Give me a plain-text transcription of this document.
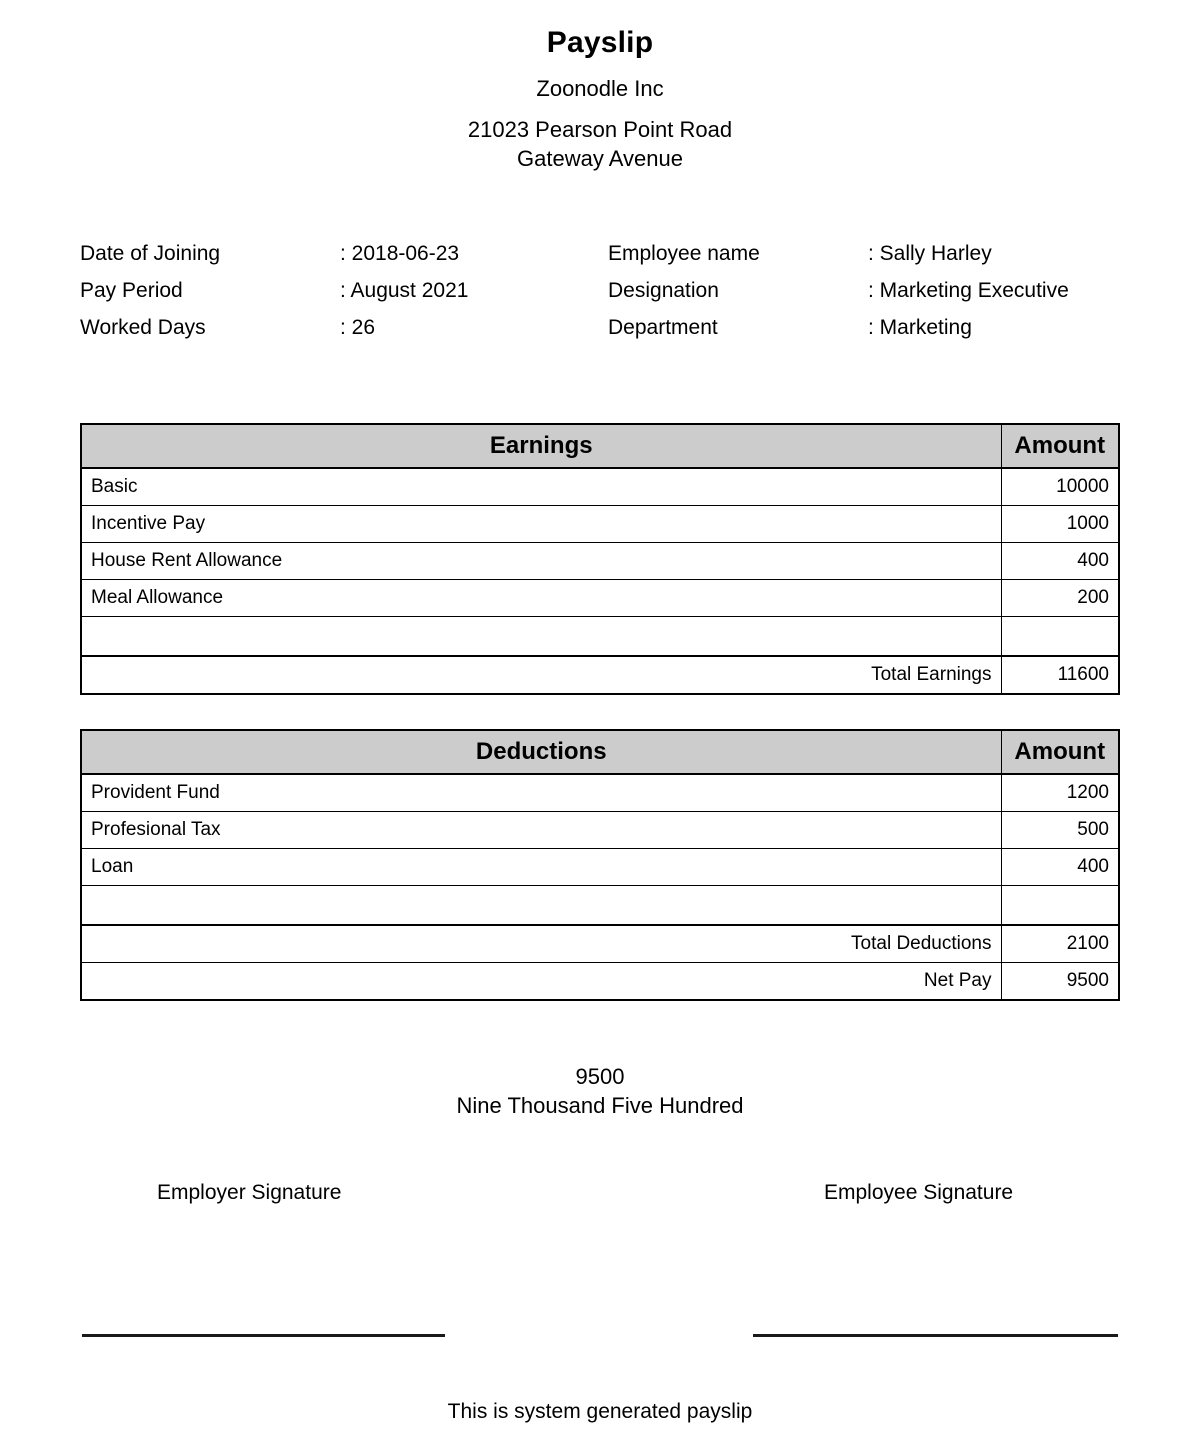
Payslip
Zoonodle Inc
21023 Pearson Point Road
Gateway Avenue
Date of Joining	: 2018-06-23
Pay Period	: August 2021
Worked Days	: 26
Employee name	: Sally Harley
Designation	: Marketing Executive
Department	: Marketing
Earnings	Amount
Basic	10000
Incentive Pay	1000
House Rent Allowance	400
Meal Allowance	200

Total Earnings	11600
Deductions	Amount
Provident Fund	1200
Profesional Tax	500
Loan	400

Total Deductions	2100
Net Pay	9500
9500
Nine Thousand Five Hundred
Employer Signature	Employee Signature
This is system generated payslip
